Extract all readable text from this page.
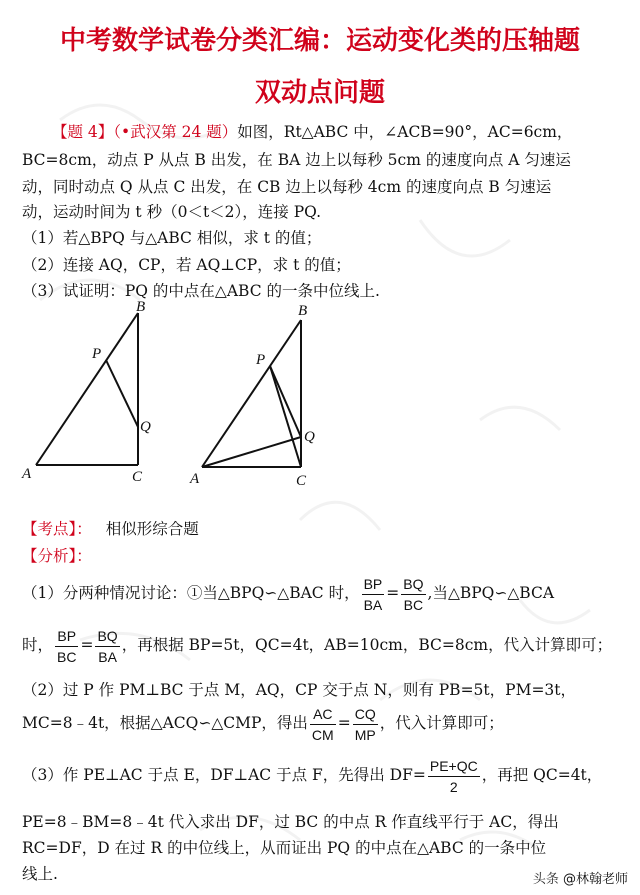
中考数学试卷分类汇编：运动变化类的压轴题
双动点问题
【题 4】（•武汉第 24 题）如图，Rt△ABC 中，∠ACB=90°，AC=6cm，
BC=8cm，动点 P 从点 B 出发，在 BA 边上以每秒 5cm 的速度向点 A 匀速运
动，同时动点 Q 从点 C 出发，在 CB 边上以每秒 4cm 的速度向点 B 匀速运
动，运动时间为 t 秒（0＜t＜2），连接 PQ.
（1）若△BPQ 与△ABC 相似，求 t 的值；
（2）连接 AQ，CP，若 AQ⊥CP，求 t 的值；
（3）试证明：PQ 的中点在△ABC 的一条中位线上.
B
P
Q
A	C
B
P
Q
A	C
【考点】： 相似形综合题
【分析】：
（1）分两种情况讨论：①当△BPQ∽△BAC 时， $\frac{BP}{BA} = \frac{BQ}{BC}$ ,当△BPQ∽△BCA
时， $\frac{BP}{BC} = \frac{BQ}{BA}$ ，再根据 BP=5t，QC=4t，AB=10cm，BC=8cm，代入计算即可；
（2）过 P 作 PM⊥BC 于点 M，AQ，CP 交于点 N，则有 PB=5t，PM=3t，
MC=8﹣4t，根据△ACQ∽△CMP，得出 $\frac{AC}{CM} = \frac{CQ}{MP}$ ，代入计算即可；
（3）作 PE⊥AC 于点 E，DF⊥AC 于点 F，先得出 $DF= \frac{PE+QC}{2}$ ，再把 QC=4t，
PE=8﹣BM=8﹣4t 代入求出 DF，过 BC 的中点 R 作直线平行于 AC，得出
RC=DF，D 在过 R 的中位线上，从而证出 PQ 的中点在△ABC 的一条中位
线上.	头条 @林翰老师
